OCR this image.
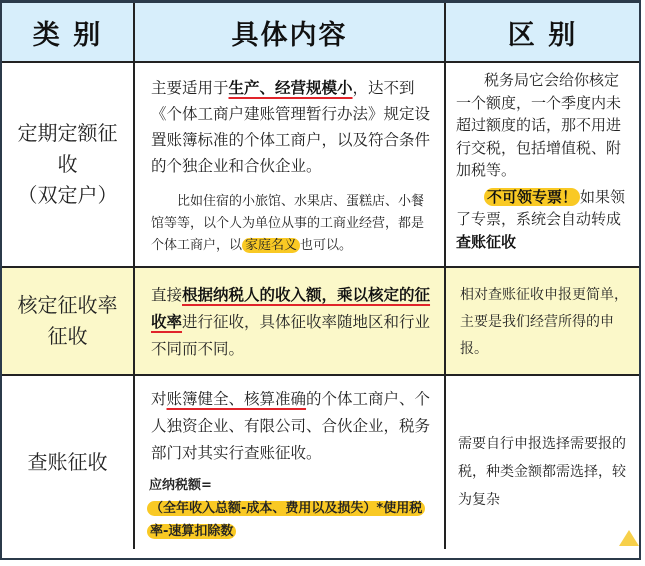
类 别	具体内容	区 别
定期定额征
收
（双定户）

主要适用于生产、经营规模小，达不到《个体工商户建账管理暂行办法》规定设置账簿标准的个体工商户，以及符合条件的个独企业和合伙企业。

比如住宿的小旅馆、水果店、蛋糕店、小餐馆等等，以个人为单位从事的工商业经营，都是个体工商户，以 家庭名义 也可以。

税务局它会给你核定一个额度，一个季度内未超过额度的话，那不用进行交税，包括增值税、附加税等。

不可领专票！ 如果领了专票，系统会自动转成查账征收

核定征收率
征收

直接根据纳税人的收入额，乘以核定的征收率进行征收，具体征收率随地区和行业不同而不同。

相对查账征收申报更简单，主要是我们经营所得的申报。

查账征收

对账簿健全、核算准确的个体工商户、个人独资企业、有限公司、合伙企业，税务部门对其实行查账征收。

应纳税额=

（全年收入总额-成本、费用以及损失）*使用税率-速算扣除数

需要自行申报选择需要报的税，种类金额都需选择，较为复杂
